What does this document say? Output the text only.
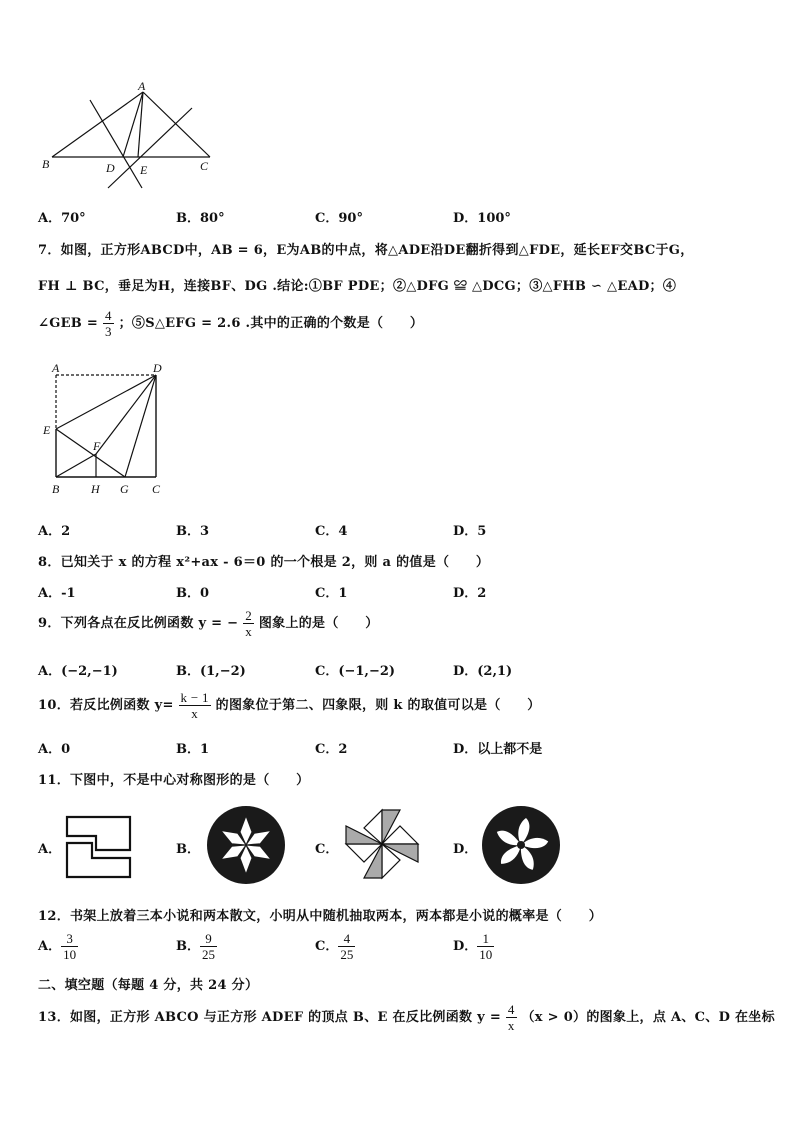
A
B	D E	C
A．70°	B．80°	C．90°	D．100°
7．如图，正方形ABCD中，AB = 6，E为AB的中点，将△ADE沿DE翻折得到△FDE，延长EF交BC于G，
FH ⊥ BC，垂足为H，连接BF、DG .结论:①BF PDE；②△DFG ≌ △DCG；③△FHB ∽ △EAD；④
∠GEB = $\frac{4}{3}$ ；⑤S△EFG = 2.6 .其中的正确的个数是（　　）
A	D
E
F
B	H G C
A．2	B．3	C．4	D．5
8．已知关于 x 的方程 x²+ax - 6＝0 的一个根是 2，则 a 的值是（　　）
A．-1	B．0	C．1	D．2
9．下列各点在反比例函数 y = − $\frac{2}{x}$ 图象上的是（　　）
A．(−2,−1)	B．(1,−2)	C．(−1,−2)	D．(2,1)
10．若反比例函数 $y= \frac{k - 1}{x}$ 的图象位于第二、四象限，则 k 的取值可以是（　　）
A．0	B．1	C．2	D．以上都不是
11．下图中，不是中心对称图形的是（　　）
A．	B．	C．	D．
12．书架上放着三本小说和两本散文，小明从中随机抽取两本，两本都是小说的概率是（　　）
A． $\frac{3}{10}$	B． $\frac{9}{25}$	C． $\frac{4}{25}$	D． $\frac{1}{10}$
二、填空题（每题 4 分，共 24 分）
13．如图，正方形 ABCO 与正方形 ADEF 的顶点 B、E 在反比例函数 $y = \frac{4}{x} (x > 0)$的图象上，点 A、C、D 在坐标
